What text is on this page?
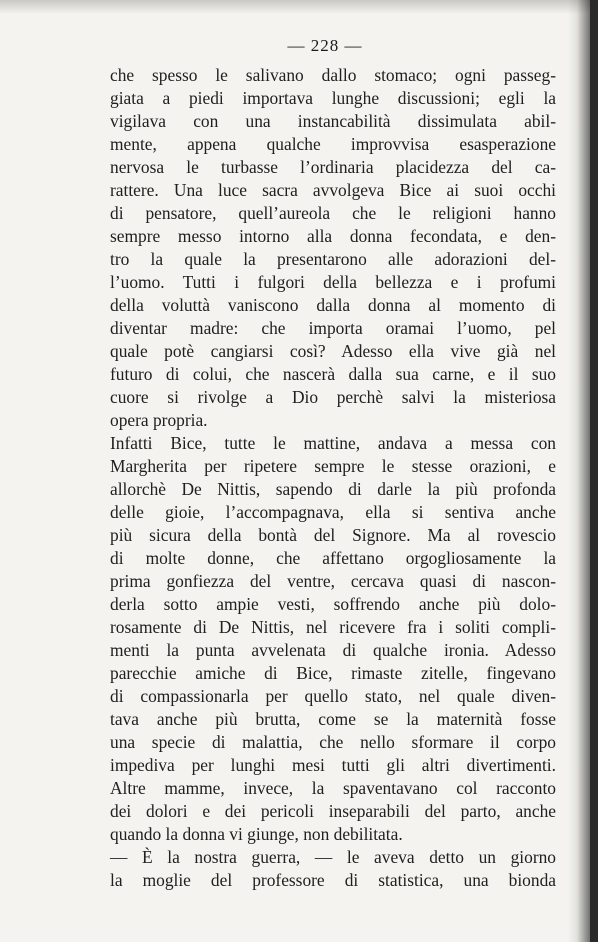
— 228 —
che spesso le salivano dallo stomaco; ogni passeg-
giata a piedi importava lunghe discussioni; egli la
vigilava con una instancabilità dissimulata abil-
mente, appena qualche improvvisa esasperazione
nervosa le turbasse l’ordinaria placidezza del ca-
rattere. Una luce sacra avvolgeva Bice ai suoi occhi
di pensatore, quell’aureola che le religioni hanno
sempre messo intorno alla donna fecondata, e den-
tro la quale la presentarono alle adorazioni del-
l’uomo. Tutti i fulgori della bellezza e i profumi
della voluttà vaniscono dalla donna al momento di
diventar madre: che importa oramai l’uomo, pel
quale potè cangiarsi così? Adesso ella vive già nel
futuro di colui, che nascerà dalla sua carne, e il suo
cuore si rivolge a Dio perchè salvi la misteriosa
opera propria.
Infatti Bice, tutte le mattine, andava a messa con
Margherita per ripetere sempre le stesse orazioni, e
allorchè De Nittis, sapendo di darle la più profonda
delle gioie, l’accompagnava, ella si sentiva anche
più sicura della bontà del Signore. Ma al rovescio
di molte donne, che affettano orgogliosamente la
prima gonfiezza del ventre, cercava quasi di nascon-
derla sotto ampie vesti, soffrendo anche più dolo-
rosamente di De Nittis, nel ricevere fra i soliti compli-
menti la punta avvelenata di qualche ironia. Adesso
parecchie amiche di Bice, rimaste zitelle, fingevano
di compassionarla per quello stato, nel quale diven-
tava anche più brutta, come se la maternità fosse
una specie di malattia, che nello sformare il corpo
impediva per lunghi mesi tutti gli altri divertimenti.
Altre mamme, invece, la spaventavano col racconto
dei dolori e dei pericoli inseparabili del parto, anche
quando la donna vi giunge, non debilitata.
— È la nostra guerra, — le aveva detto un giorno
la moglie del professore di statistica, una bionda
